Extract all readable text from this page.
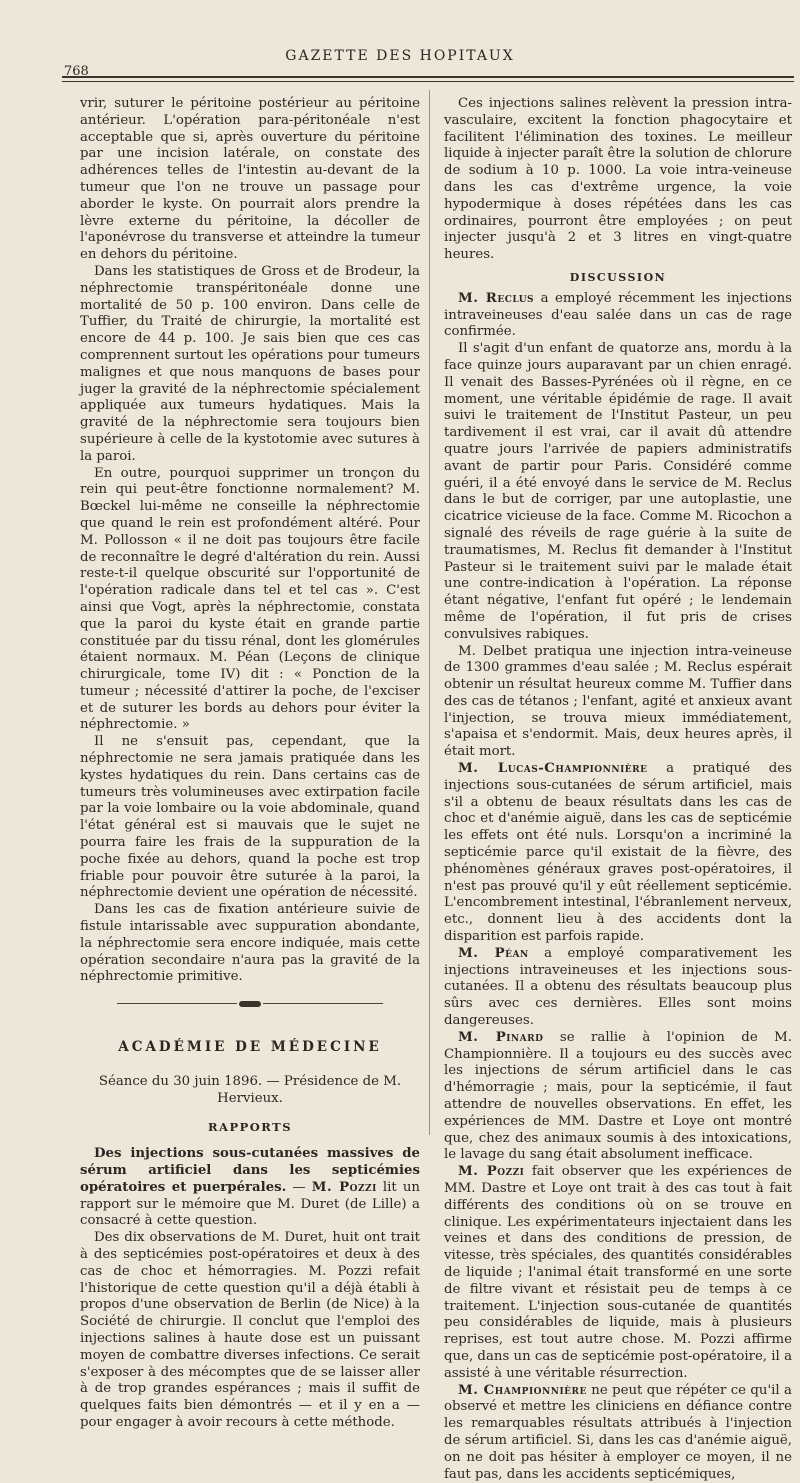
768
GAZETTE DES HOPITAUX

vrir, suturer le péritoine postérieur au péritoine antérieur. L'opération para-péritonéale n'est acceptable que si, après ouverture du péritoine par une incision latérale, on constate des adhérences telles de l'intestin au-devant de la tumeur que l'on ne trouve un passage pour aborder le kyste. On pourrait alors prendre la lèvre externe du péritoine, la décoller de l'aponévrose du transverse et atteindre la tumeur en dehors du péritoine.

Dans les statistiques de Gross et de Brodeur, la néphrectomie transpéritonéale donne une mortalité de 50 p. 100 environ. Dans celle de Tuffier, du Traité de chirurgie, la mortalité est encore de 44 p. 100. Je sais bien que ces cas comprennent surtout les opérations pour tumeurs malignes et que nous manquons de bases pour juger la gravité de la néphrectomie spécialement appliquée aux tumeurs hydatiques. Mais la gravité de la néphrectomie sera toujours bien supérieure à celle de la kystotomie avec sutures à la paroi.

En outre, pourquoi supprimer un tronçon du rein qui peut-être fonctionne normalement? M. Bœckel lui-même ne conseille la néphrectomie que quand le rein est profondément altéré. Pour M. Pollosson « il ne doit pas toujours être facile de reconnaître le degré d'altération du rein. Aussi reste-t-il quelque obscurité sur l'opportunité de l'opération radicale dans tel et tel cas ». C'est ainsi que Vogt, après la néphrectomie, constata que la paroi du kyste était en grande partie constituée par du tissu rénal, dont les glomérules étaient normaux. M. Péan (Leçons de clinique chirurgicale, tome IV) dit : « Ponction de la tumeur ; nécessité d'attirer la poche, de l'exciser et de suturer les bords au dehors pour éviter la néphrectomie. »

Il ne s'ensuit pas, cependant, que la néphrectomie ne sera jamais pratiquée dans les kystes hydatiques du rein. Dans certains cas de tumeurs très volumineuses avec extirpation facile par la voie lombaire ou la voie abdominale, quand l'état général est si mauvais que le sujet ne pourra faire les frais de la suppuration de la poche fixée au dehors, quand la poche est trop friable pour pouvoir être suturée à la paroi, la néphrectomie devient une opération de nécessité.

Dans les cas de fixation antérieure suivie de fistule intarissable avec suppuration abondante, la néphrectomie sera encore indiquée, mais cette opération secondaire n'aura pas la gravité de la néphrectomie primitive.

ACADÉMIE DE MÉDECINE
Séance du 30 juin 1896. — Présidence de M. Hervieux.
RAPPORTS

Des injections sous-cutanées massives de sérum artificiel dans les septicémies opératoires et puerpérales. — M. Pozzi lit un rapport sur le mémoire que M. Duret (de Lille) a consacré à cette question.

Des dix observations de M. Duret, huit ont trait à des septicémies post-opératoires et deux à des cas de choc et hémorragies. M. Pozzi refait l'historique de cette question qu'il a déjà établi à propos d'une observation de Berlin (de Nice) à la Société de chirurgie. Il conclut que l'emploi des injections salines à haute dose est un puissant moyen de combattre diverses infections. Ce serait s'exposer à des mécomptes que de se laisser aller à de trop grandes espérances ; mais il suffit de quelques faits bien démontrés — et il y en a — pour engager à avoir recours à cette méthode.

Ces injections salines relèvent la pression intra-vasculaire, excitent la fonction phagocytaire et facilitent l'élimination des toxines. Le meilleur liquide à injecter paraît être la solution de chlorure de sodium à 10 p. 1000. La voie intra-veineuse dans les cas d'extrême urgence, la voie hypodermique à doses répétées dans les cas ordinaires, pourront être employées ; on peut injecter jusqu'à 2 et 3 litres en vingt-quatre heures.

DISCUSSION

M. Reclus a employé récemment les injections intraveineuses d'eau salée dans un cas de rage confirmée.

Il s'agit d'un enfant de quatorze ans, mordu à la face quinze jours auparavant par un chien enragé. Il venait des Basses-Pyrénées où il règne, en ce moment, une véritable épidémie de rage. Il avait suivi le traitement de l'Institut Pasteur, un peu tardivement il est vrai, car il avait dû attendre quatre jours l'arrivée de papiers administratifs avant de partir pour Paris. Considéré comme guéri, il a été envoyé dans le service de M. Reclus dans le but de corriger, par une autoplastie, une cicatrice vicieuse de la face. Comme M. Ricochon a signalé des réveils de rage guérie à la suite de traumatismes, M. Reclus fit demander à l'Institut Pasteur si le traitement suivi par le malade était une contre-indication à l'opération. La réponse étant négative, l'enfant fut opéré ; le lendemain même de l'opération, il fut pris de crises convulsives rabiques.

M. Delbet pratiqua une injection intra-veineuse de 1300 grammes d'eau salée ; M. Reclus espérait obtenir un résultat heureux comme M. Tuffier dans des cas de tétanos ; l'enfant, agité et anxieux avant l'injection, se trouva mieux immédiatement, s'apaisa et s'endormit. Mais, deux heures après, il était mort.

M. Lucas-Championnière a pratiqué des injections sous-cutanées de sérum artificiel, mais s'il a obtenu de beaux résultats dans les cas de choc et d'anémie aiguë, dans les cas de septicémie les effets ont été nuls. Lorsqu'on a incriminé la septicémie parce qu'il existait de la fièvre, des phénomènes généraux graves post-opératoires, il n'est pas prouvé qu'il y eût réellement septicémie. L'encombrement intestinal, l'ébranlement nerveux, etc., donnent lieu à des accidents dont la disparition est parfois rapide.

M. Péan a employé comparativement les injections intraveineuses et les injections sous-cutanées. Il a obtenu des résultats beaucoup plus sûrs avec ces dernières. Elles sont moins dangereuses.

M. Pinard se rallie à l'opinion de M. Championnière. Il a toujours eu des succès avec les injections de sérum artificiel dans le cas d'hémorragie ; mais, pour la septicémie, il faut attendre de nouvelles observations. En effet, les expériences de MM. Dastre et Loye ont montré que, chez des animaux soumis à des intoxications, le lavage du sang était absolument inefficace.

M. Pozzi fait observer que les expériences de MM. Dastre et Loye ont trait à des cas tout à fait différents des conditions où on se trouve en clinique. Les expérimentateurs injectaient dans les veines et dans des conditions de pression, de vitesse, très spéciales, des quantités considérables de liquide ; l'animal était transformé en une sorte de filtre vivant et résistait peu de temps à ce traitement. L'injection sous-cutanée de quantités peu considérables de liquide, mais à plusieurs reprises, est tout autre chose. M. Pozzi affirme que, dans un cas de septicémie post-opératoire, il a assisté à une véritable résurrection.

M. Championnière ne peut que répéter ce qu'il a observé et mettre les cliniciens en défiance contre les remarquables résultats attribués à l'injection de sérum artificiel. Si, dans les cas d'anémie aiguë, on ne doit pas hésiter à employer ce moyen, il ne faut pas, dans les accidents septicémiques,
